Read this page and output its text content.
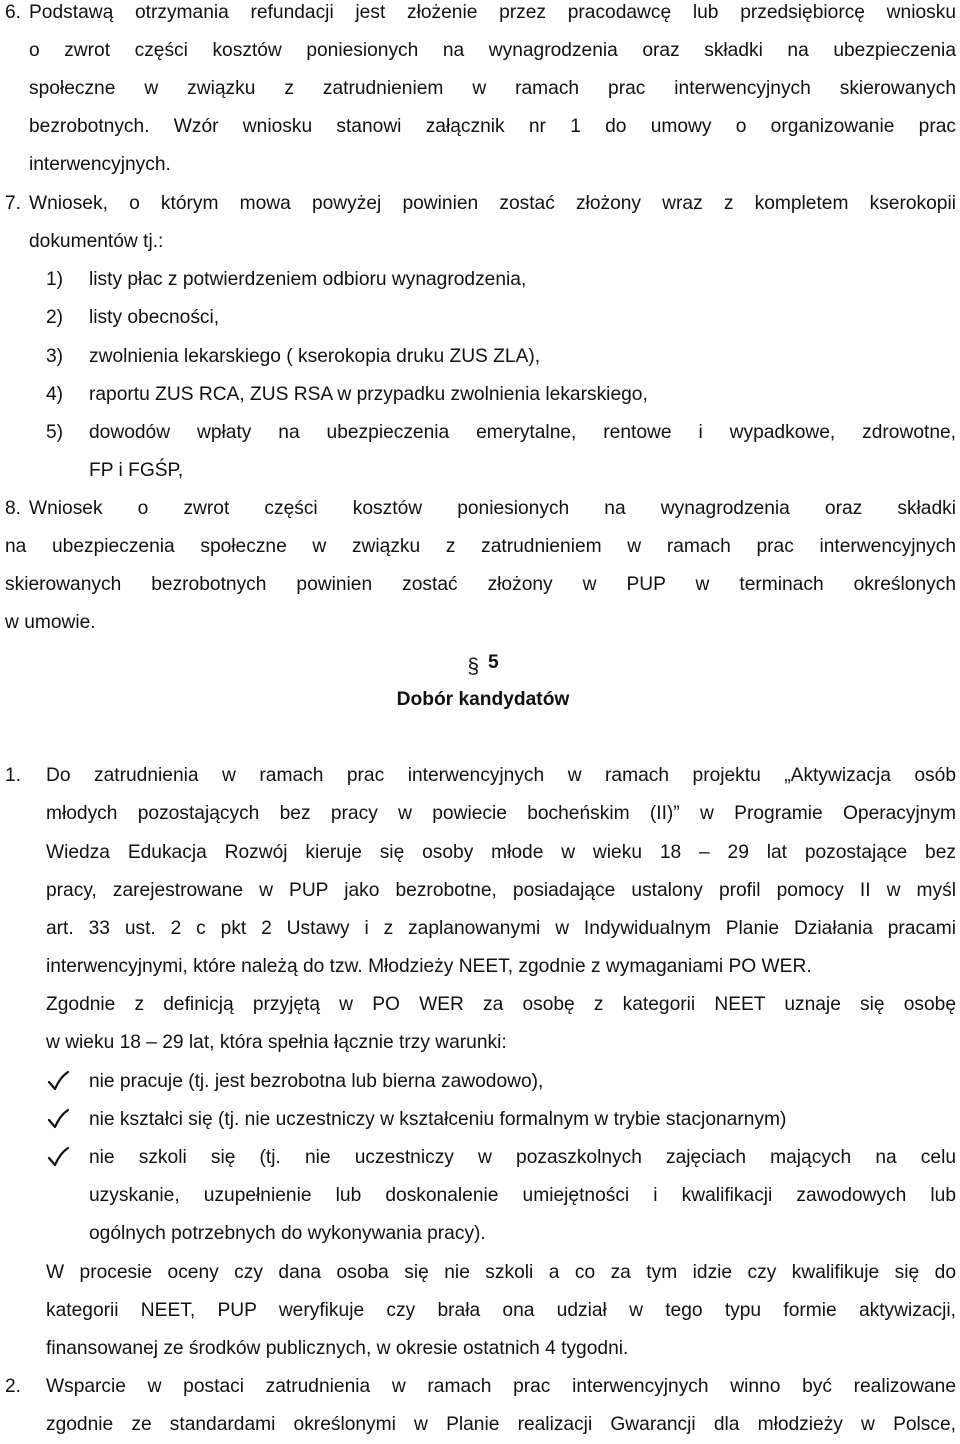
6. Podstawą otrzymania refundacji jest złożenie przez pracodawcę lub przedsiębiorcę wniosku
o zwrot części kosztów poniesionych na wynagrodzenia oraz składki na ubezpieczenia
społeczne w związku z zatrudnieniem w ramach prac interwencyjnych skierowanych
bezrobotnych. Wzór wniosku stanowi załącznik nr 1 do umowy o organizowanie prac
interwencyjnych.
7. Wniosek, o którym mowa powyżej powinien zostać złożony wraz z kompletem kserokopii
dokumentów tj.:
1) listy płac z potwierdzeniem odbioru wynagrodzenia,
2) listy obecności,
3) zwolnienia lekarskiego ( kserokopia druku ZUS ZLA),
4) raportu ZUS RCA, ZUS RSA w przypadku zwolnienia lekarskiego,
5) dowodów wpłaty na ubezpieczenia emerytalne, rentowe i wypadkowe, zdrowotne,
FP i FGŚP,
8. Wniosek o zwrot części kosztów poniesionych na wynagrodzenia oraz składki
na ubezpieczenia społeczne w związku z zatrudnieniem w ramach prac interwencyjnych
skierowanych bezrobotnych powinien zostać złożony w PUP w terminach określonych
w umowie.
§ 5
Dobór kandydatów
1. Do zatrudnienia w ramach prac interwencyjnych w ramach projektu „Aktywizacja osób
młodych pozostających bez pracy w powiecie bocheńskim (II)” w Programie Operacyjnym
Wiedza Edukacja Rozwój kieruje się osoby młode w wieku 18 – 29 lat pozostające bez
pracy, zarejestrowane w PUP jako bezrobotne, posiadające ustalony profil pomocy II w myśl
art. 33 ust. 2 c pkt 2 Ustawy i z zaplanowanymi w Indywidualnym Planie Działania pracami
interwencyjnymi, które należą do tzw. Młodzieży NEET, zgodnie z wymaganiami PO WER.
Zgodnie z definicją przyjętą w PO WER za osobę z kategorii NEET uznaje się osobę
w wieku 18 – 29 lat, która spełnia łącznie trzy warunki:
nie pracuje (tj. jest bezrobotna lub bierna zawodowo),
nie kształci się (tj. nie uczestniczy w kształceniu formalnym w trybie stacjonarnym)
nie szkoli się (tj. nie uczestniczy w pozaszkolnych zajęciach mających na celu
uzyskanie, uzupełnienie lub doskonalenie umiejętności i kwalifikacji zawodowych lub
ogólnych potrzebnych do wykonywania pracy).
W procesie oceny czy dana osoba się nie szkoli a co za tym idzie czy kwalifikuje się do
kategorii NEET, PUP weryfikuje czy brała ona udział w tego typu formie aktywizacji,
finansowanej ze środków publicznych, w okresie ostatnich 4 tygodni.
2. Wsparcie w postaci zatrudnienia w ramach prac interwencyjnych winno być realizowane
zgodnie ze standardami określonymi w Planie realizacji Gwarancji dla młodzieży w Polsce,
